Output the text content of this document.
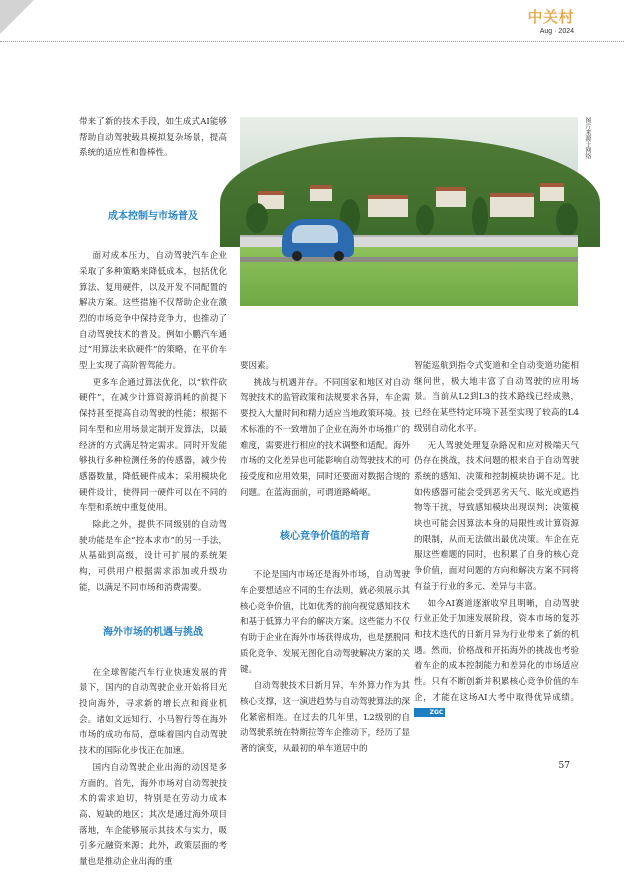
中关村
Aug · 2024

带来了新的技术手段，如生成式AI能够帮助自动驾驶载具模拟复杂场景，提高系统的适应性和鲁棒性。

成本控制与市场普及

面对成本压力，自动驾驶汽车企业采取了多种策略来降低成本，包括优化算法、复用硬件，以及开发不同配置的解决方案。这些措施不仅帮助企业在激烈的市场竞争中保持竞争力，也推动了自动驾驶技术的普及。例如小鹏汽车通过“用算法来砍硬件”的策略，在平价车型上实现了高阶智驾能力。

更多车企通过算法优化，以“软件砍硬件”，在减少计算资源消耗的前提下保持甚至提高自动驾驶的性能；根据不同车型和应用场景定制开发算法，以最经济的方式满足特定需求。同时开发能够执行多种检测任务的传感器，减少传感器数量，降低硬件成本；采用模块化硬件设计，使得同一硬件可以在不同的车型和系统中重复使用。

除此之外，提供不同级别的自动驾驶功能是车企“控本求市”的另一手法，从基础到高级，设计可扩展的系统架构，可供用户根据需求添加或升级功能，以满足不同市场和消费需要。

海外市场的机遇与挑战

在全球智能汽车行业快速发展的背景下，国内的自动驾驶企业开始将目光投向海外，寻求新的增长点和商业机会。诸如文远知行、小马智行等在海外市场的成功布局，意味着国内自动驾驶技术的国际化步伐正在加速。

国内自动驾驶企业出海的动因是多方面的。首先，海外市场对自动驾驶技术的需求迫切，特别是在劳动力成本高、短缺的地区；其次是通过海外项目落地，车企能够展示其技术与实力，吸引多元融资来源；此外，政策层面的考量也是推动企业出海的重

图片来源于网络

要因素。

挑战与机遇并存。不同国家和地区对自动驾驶技术的监管政策和法规要求各异，车企需要投入大量时间和精力适应当地政策环境。技术标准的不一致增加了企业在海外市场推广的难度，需要进行相应的技术调整和适配。海外市场的文化差异也可能影响自动驾驶技术的可接受度和应用效果，同时还要面对数据合规的问题。在蓝海面前，可谓道路崎岖。

核心竞争价值的培育

不论是国内市场还是海外市场，自动驾驶车企要想适应不同的生存法则，就必须展示其核心竞争价值，比如优秀的前向视觉感知技术和基于低算力平台的解决方案。这些能力不仅有助于企业在海外市场获得成功，也是摆脱同质化竞争、发展无图化自动驾驶解决方案的关键。

自动驾驶技术日新月异，车外算力作为其核心支撑，这一演进趋势与自动驾驶算法的深化紧密相连。在过去的几年里，L2级别的自动驾驶系统在特斯拉等车企推动下，经历了显著的演变，从最初的单车道居中的

智能巡航到指令式变道和全自动变道功能相继问世，极大地丰富了自动驾驶的应用场景。当前从L2到L3的技术路线已经成熟，已经在某些特定环境下甚至实现了较高的L4级别自动化水平。

无人驾驶处理复杂路况和应对极端天气仍存在挑战，技术问题的根来自于自动驾驶系统的感知、决策和控制模块协调不足。比如传感器可能会受到恶劣天气、眩光或遮挡物等干扰，导致感知模块出现误判；决策模块也可能会因算法本身的局限性或计算资源的限制，从而无法做出最优决策。车企在克服这些难题的同时，也积累了自身的核心竞争价值，面对问题的方向和解决方案不同将有益于行业的多元、差异与丰富。

如今AI赛道逐渐收窄且明晰，自动驾驶行业正处于加速发展阶段，资本市场的复苏和技术迭代的日新月异为行业带来了新的机遇。然而，价格战和开拓海外的挑战也考验着车企的成本控制能力和差异化的市场适应性。只有不断创新并积累核心竞争价值的车企，才能在这场AI大考中取得优异成绩。 ZGC

57
